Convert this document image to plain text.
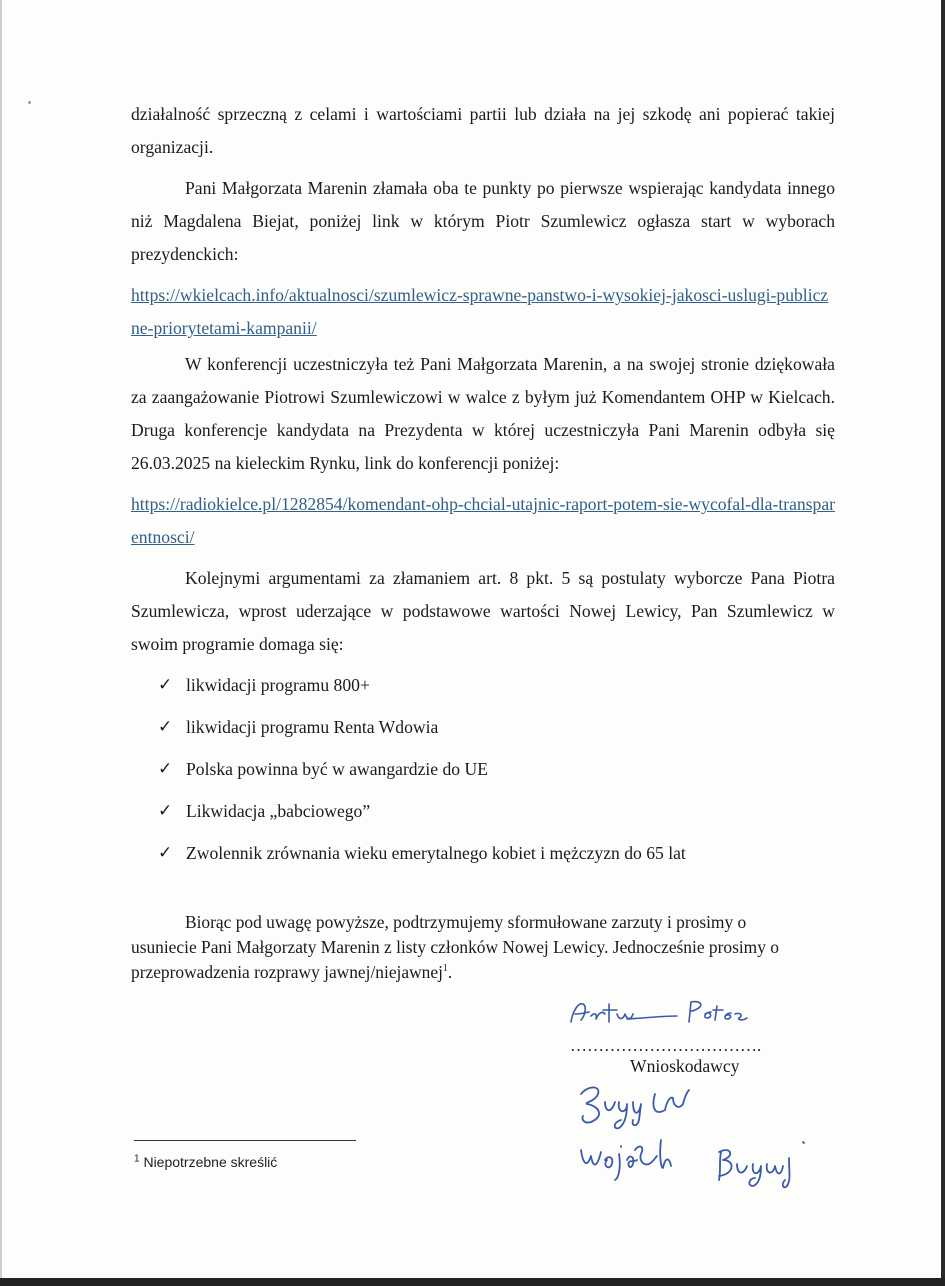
działalność sprzeczną z celami i wartościami partii lub działa na jej szkodę ani popierać takiej organizacji.
Pani Małgorzata Marenin złamała oba te punkty po pierwsze wspierając kandydata innego niż Magdalena Biejat, poniżej link w którym Piotr Szumlewicz ogłasza start w wyborach prezydenckich:
https://wkielcach.info/aktualnosci/szumlewicz-sprawne-panstwo-i-wysokiej-jakosci-uslugi-publiczne-priorytetami-kampanii/
W konferencji uczestniczyła też Pani Małgorzata Marenin, a na swojej stronie dziękowała za zaangażowanie Piotrowi Szumlewiczowi w walce z byłym już Komendantem OHP w Kielcach. Druga konferencje kandydata na Prezydenta w której uczestniczyła Pani Marenin odbyła się 26.03.2025 na kieleckim Rynku, link do konferencji poniżej:
https://radiokielce.pl/1282854/komendant-ohp-chcial-utajnic-raport-potem-sie-wycofal-dla-transparentnosci/
Kolejnymi argumentami za złamaniem art. 8 pkt. 5 są postulaty wyborcze Pana Piotra Szumlewicza, wprost uderzające w podstawowe wartości Nowej Lewicy, Pan Szumlewicz w swoim programie domaga się:
✓ likwidacji programu 800+
✓ likwidacji programu Renta Wdowia
✓ Polska powinna być w awangardzie do UE
✓ Likwidacja „babciowego”
✓ Zwolennik zrównania wieku emerytalnego kobiet i mężczyzn do 65 lat
Biorąc pod uwagę powyższe, podtrzymujemy sformułowane zarzuty i prosimy o
usuniecie Pani Małgorzaty Marenin z listy członków Nowej Lewicy. Jednocześnie prosimy o
przeprowadzenia rozprawy jawnej/niejawnej$^1$.
…………………………….
Wnioskodawcy
$^1$ Niepotrzebne skreślić
